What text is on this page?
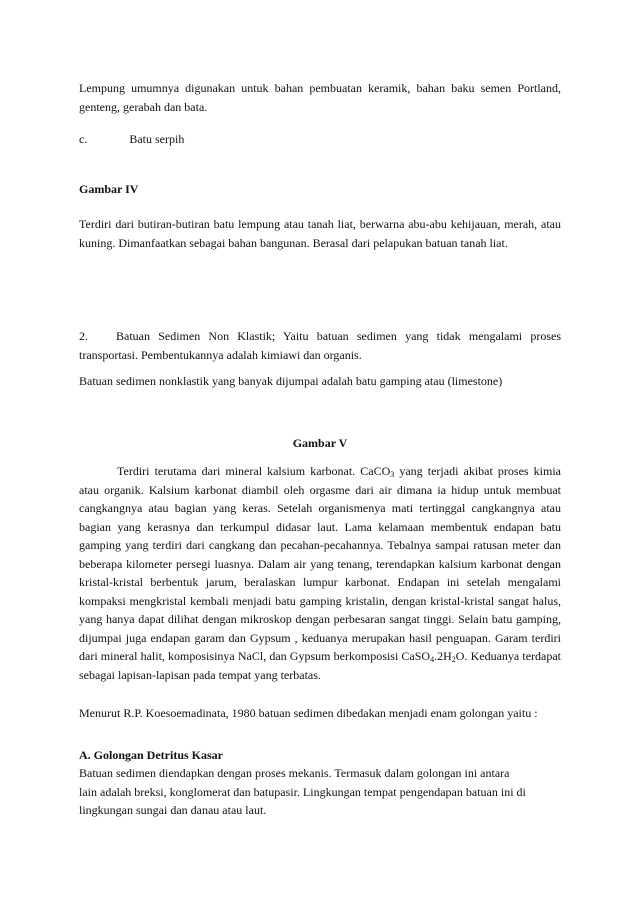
Lempung umumnya digunakan untuk bahan pembuatan keramik, bahan baku semen Portland, genteng, gerabah dan bata.

c.	Batu serpih

Gambar IV

Terdiri dari butiran-butiran batu lempung atau tanah liat, berwarna abu-abu kehijauan, merah, atau kuning. Dimanfaatkan sebagai bahan bangunan. Berasal dari pelapukan batuan tanah liat.

2. Batuan Sedimen Non Klastik; Yaitu batuan sedimen yang tidak mengalami proses transportasi. Pembentukannya adalah kimiawi dan organis.

Batuan sedimen nonklastik yang banyak dijumpai adalah batu gamping atau (limestone)

Gambar V

Terdiri terutama dari mineral kalsium karbonat. CaCO$_3$ yang terjadi akibat proses kimia atau organik. Kalsium karbonat diambil oleh orgasme dari air dimana ia hidup untuk membuat cangkangnya atau bagian yang keras. Setelah organismenya mati tertinggal cangkangnya atau bagian yang kerasnya dan terkumpul didasar laut. Lama kelamaan membentuk endapan batu gamping yang terdiri dari cangkang dan pecahan-pecahannya. Tebalnya sampai ratusan meter dan beberapa kilometer persegi luasnya. Dalam air yang tenang, terendapkan kalsium karbonat dengan kristal-kristal berbentuk jarum, beralaskan lumpur karbonat. Endapan ini setelah mengalami kompaksi mengkristal kembali menjadi batu gamping kristalin, dengan kristal-kristal sangat halus, yang hanya dapat dilihat dengan mikroskop dengan perbesaran sangat tinggi. Selain batu gamping, dijumpai juga endapan garam dan Gypsum , keduanya merupakan hasil penguapan. Garam terdiri dari mineral halit, komposisinya NaCl, dan Gypsum berkomposisi $CaSO_4.2H_2O$. Keduanya terdapat sebagai lapisan-lapisan pada tempat yang terbatas.

Menurut R.P. Koesoemadinata, 1980 batuan sedimen dibedakan menjadi enam golongan yaitu :

A. Golongan Detritus Kasar

Batuan sedimen diendapkan dengan proses mekanis. Termasuk dalam golongan ini antara
lain adalah breksi, konglomerat dan batupasir. Lingkungan tempat pengendapan batuan ini di
lingkungan sungai dan danau atau laut.
